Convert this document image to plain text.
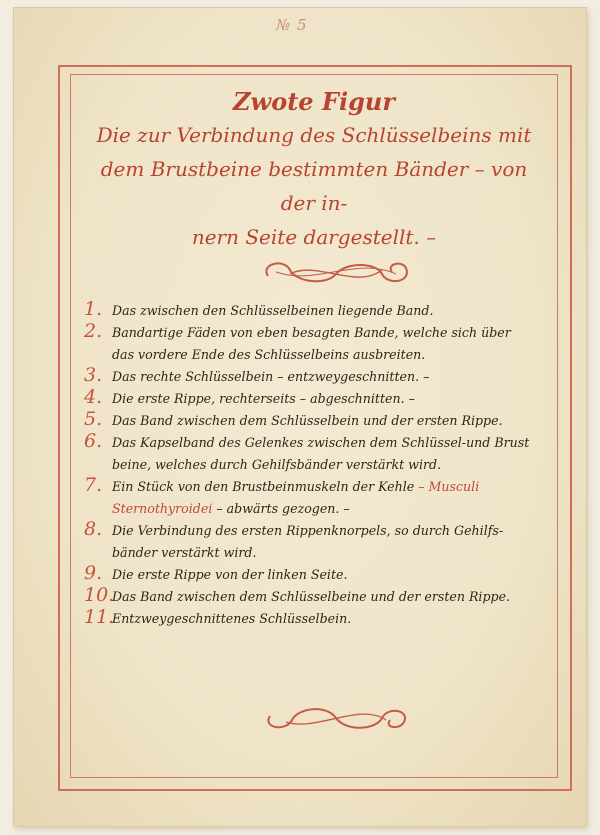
№ 5
Zwote Figur
Die zur Verbindung des Schlüsselbeins mit
dem Brustbeine bestimmten Bänder – von der in-
nern Seite dargestellt. –
1. Das zwischen den Schlüsselbeinen liegende Band.
2. Bandartige Fäden von eben besagten Bande, welche sich über
das vordere Ende des Schlüsselbeins ausbreiten.
3. Das rechte Schlüsselbein – entzweygeschnitten. –
4. Die erste Rippe, rechterseits – abgeschnitten. –
5. Das Band zwischen dem Schlüsselbein und der ersten Rippe.
6. Das Kapselband des Gelenkes zwischen dem Schlüssel-und Brust
beine, welches durch Gehilfsbänder verstärkt wird.
7. Ein Stück von den Brustbeinmuskeln der Kehle – Musculi
Sternothyroidei – abwärts gezogen. –
8. Die Verbindung des ersten Rippenknorpels, so durch Gehilfs-
bänder verstärkt wird.
9. Die erste Rippe von der linken Seite.
10.
Das Band zwischen dem Schlüsselbeine und der ersten Rippe.
11.
Entzweygeschnittenes Schlüsselbein.
